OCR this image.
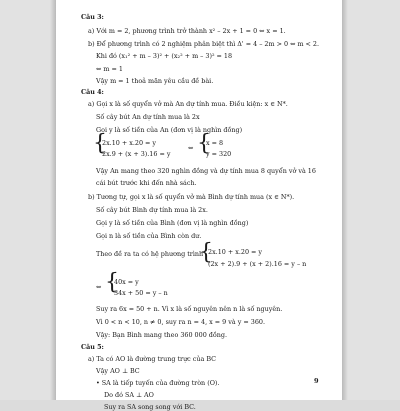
Câu 3:
a) Với m = 2, phương trình trở thành x² – 2x + 1 = 0 ⇔ x = 1.
b) Để phương trình có 2 nghiệm phân biệt thì Δ' = 4 – 2m > 0 ⇔ m < 2.
Khi đó (x₁² + m – 3)² + (x₂² + m – 3)² = 18
⇔ m = 1
Vậy m = 1 thoả mãn yêu cầu đề bài.
Câu 4:
a) Gọi x là số quyển vở mà An dự tính mua. Điều kiện: x ∈ N*.
Số cây bút An dự tính mua là 2x
Gọi y là số tiền của An (đơn vị là nghìn đồng)
{
2x.10 + x.20 = y
2x.9 + (x + 3).16 = y
⇔ {
x = 8
y = 320
Vậy An mang theo 320 nghìn đồng và dự tính mua 8 quyển vở và 16
cái bút trước khi đến nhà sách.
b) Tương tự, gọi x là số quyển vở mà Bình dự tính mua (x ∈ N*).
Số cây bút Bình dự tính mua là 2x.
Gọi y là số tiền của Bình (đơn vị là nghìn đồng)
Gọi n là số tiền của Bình còn dư.
Theo đề ra ta có hệ phương trình
{
2x.10 + x.20 = y
(2x + 2).9 + (x + 2).16 = y – n
⇔ {
40x = y
34x + 50 = y – n
Suy ra 6x = 50 + n. Vì x là số nguyên nên n là số nguyên.
Vì 0 < n < 10, n ≠ 0, suy ra n = 4, x = 9 và y = 360.
Vậy: Bạn Bình mang theo 360 000 đồng.
Câu 5:
a) Ta có AO là đường trung trực của BC
Vậy AO ⊥ BC
• SA là tiếp tuyến của đường tròn (O).
Do đó SA ⊥ AO
Suy ra SA song song với BC.
9
